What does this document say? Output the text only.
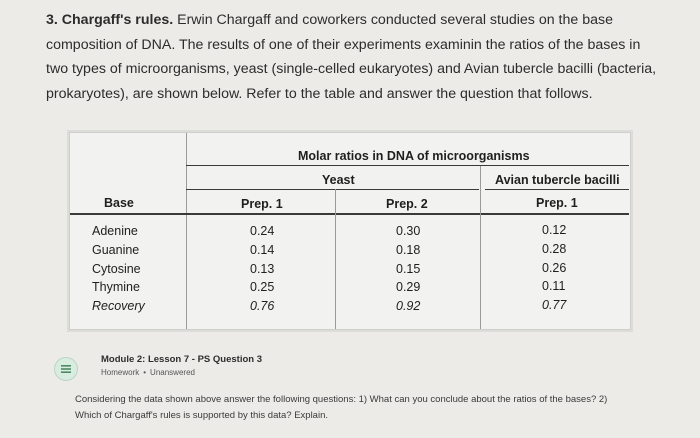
3. Chargaff's rules. Erwin Chargaff and coworkers conducted several studies on the base composition of DNA. The results of one of their experiments examinin the ratios of the bases in two types of microorganisms, yeast (single-celled eukaryotes) and Avian tubercle bacilli (bacteria, prokaryotes), are shown below. Refer to the table and answer the question that follows.
Molar ratios in DNA of microorganisms
Yeast	Avian tubercle bacilli
Base	Prep. 1	Prep. 2	Prep. 1
Adenine	0.24	0.30	0.12
Guanine	0.14	0.18	0.28
Cytosine	0.13	0.15	0.26
Thymine	0.25	0.29	0.11
Recovery	0.76	0.92	0.77
Module 2: Lesson 7 - PS Question 3
Homework • Unanswered
Considering the data shown above answer the following questions: 1) What can you conclude about the ratios of the bases? 2) Which of Chargaff's rules is supported by this data? Explain.
